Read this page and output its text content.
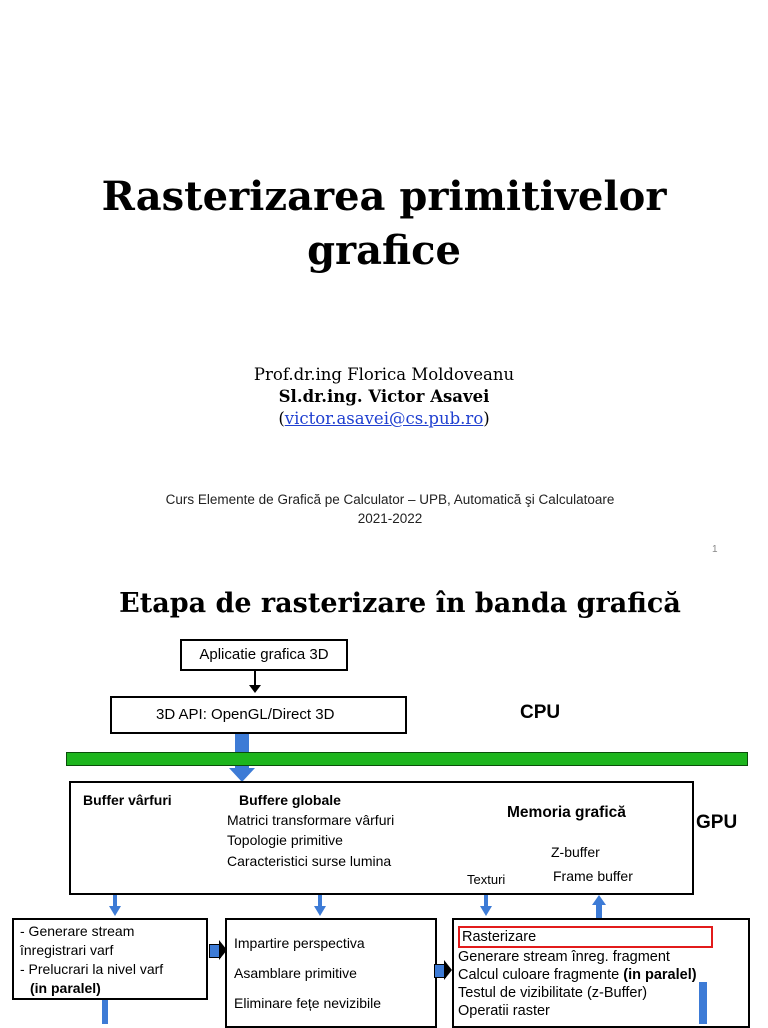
Rasterizarea primitivelor
grafice
Prof.dr.ing Florica Moldoveanu
Sl.dr.ing. Victor Asavei
(victor.asavei@cs.pub.ro)
Curs Elemente de Grafică pe Calculator – UPB, Automatică şi Calculatoare
2021-2022
1
Etapa de rasterizare în banda grafică
Aplicatie grafica 3D
3D API: OpenGL/Direct 3D	CPU
Buffer vârfuri	Buffere globale
Matrici transformare vârfuri
Topologie primitive
Caracteristici surse lumina
Memoria grafică
Z-buffer
Frame buffer
GPU
Texturi
- Generare stream
înregistrari varf
- Prelucrari la nivel varf
(in paralel)
Impartire perspectiva
Asamblare primitive
Eliminare fețe nevizibile
Rasterizare
Generare stream înreg. fragment
Calcul culoare fragmente (in paralel)
Testul de vizibilitate (z-Buffer)
Operatii raster
